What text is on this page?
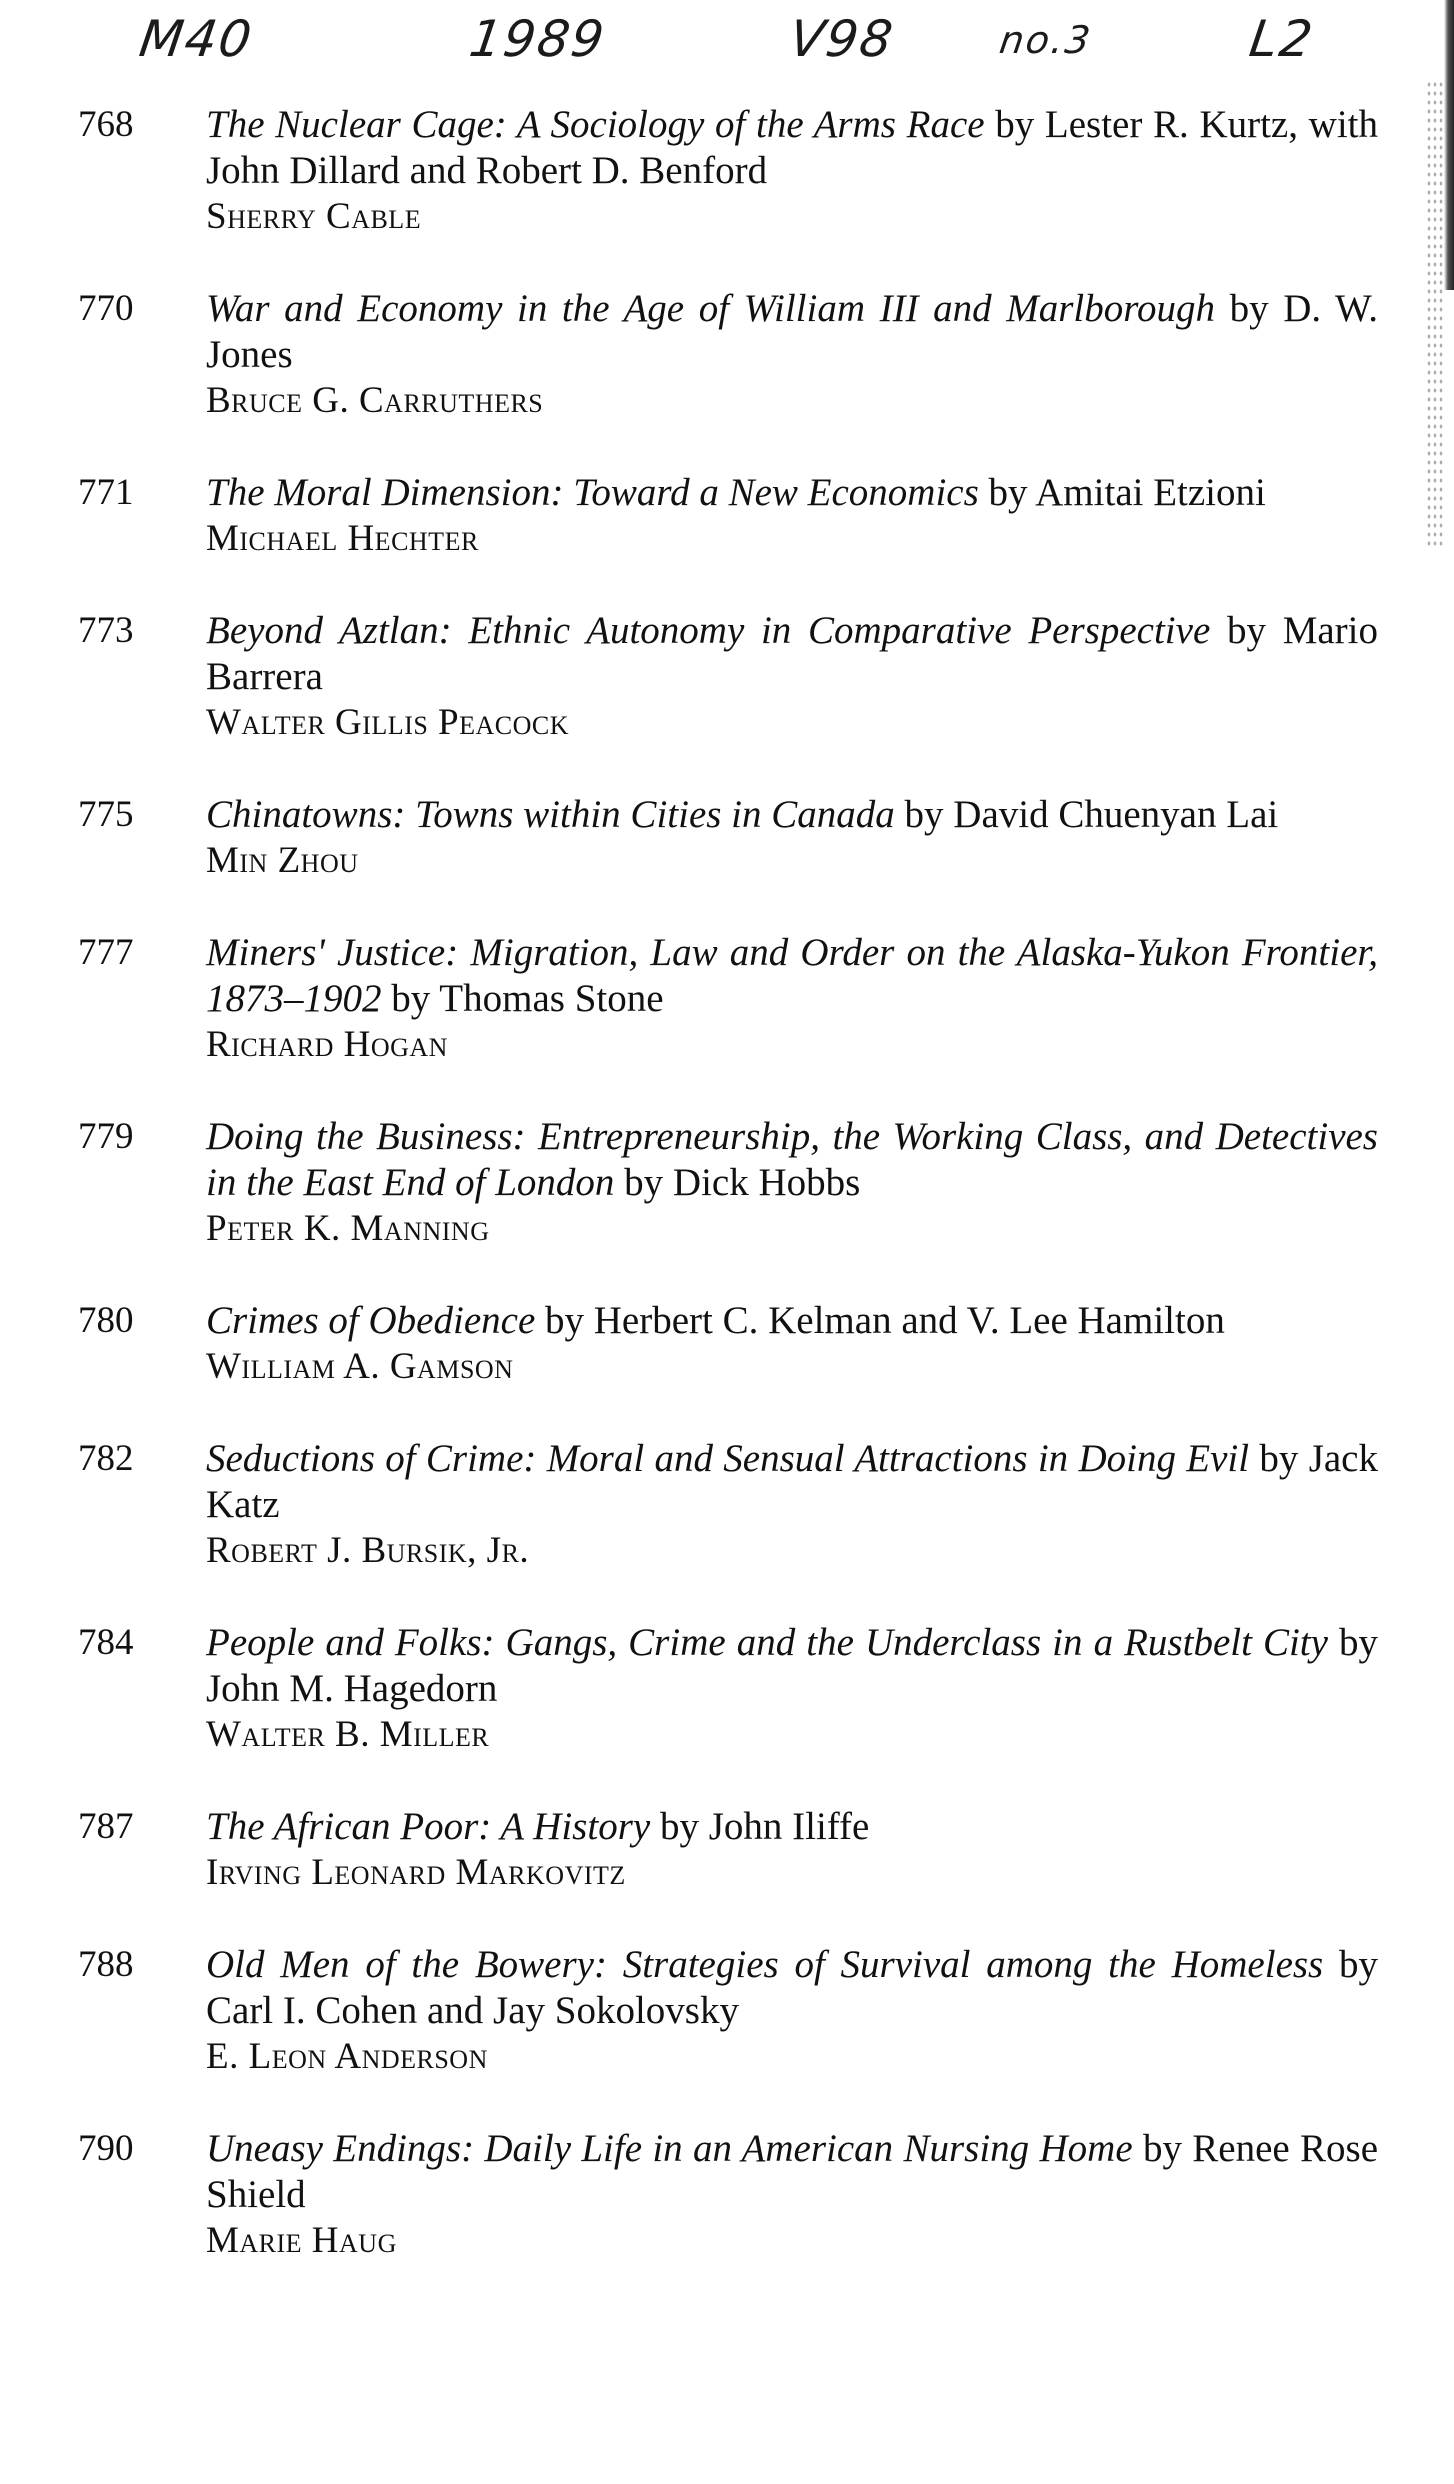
M40	1989	V98	no.3	L2
768	The Nuclear Cage: A Sociology of the Arms Race by Lester R. Kurtz, with John Dillard and Robert D. Benford
Sherry Cable
770	War and Economy in the Age of William III and Marlborough by D. W. Jones
Bruce G. Carruthers
771	The Moral Dimension: Toward a New Economics by Amitai Etzioni
Michael Hechter
773	Beyond Aztlan: Ethnic Autonomy in Comparative Perspective by Mario Barrera
Walter Gillis Peacock
775	Chinatowns: Towns within Cities in Canada by David Chuenyan Lai
Min Zhou
777	Miners' Justice: Migration, Law and Order on the Alaska-Yukon Frontier, 1873–1902 by Thomas Stone
Richard Hogan
779	Doing the Business: Entrepreneurship, the Working Class, and Detectives in the East End of London by Dick Hobbs
Peter K. Manning
780	Crimes of Obedience by Herbert C. Kelman and V. Lee Hamilton
William A. Gamson
782	Seductions of Crime: Moral and Sensual Attractions in Doing Evil by Jack Katz
Robert J. Bursik, Jr.
784	People and Folks: Gangs, Crime and the Underclass in a Rustbelt City by John M. Hagedorn
Walter B. Miller
787	The African Poor: A History by John Iliffe
Irving Leonard Markovitz
788	Old Men of the Bowery: Strategies of Survival among the Homeless by Carl I. Cohen and Jay Sokolovsky
E. Leon Anderson
790	Uneasy Endings: Daily Life in an American Nursing Home by Renee Rose Shield
Marie Haug
